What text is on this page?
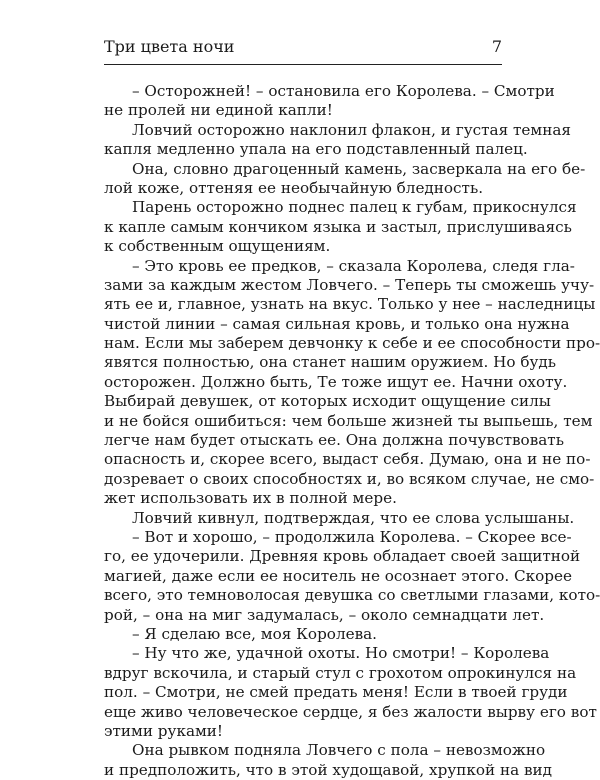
Три цвета ночи	7
– Осторожней! – остановила его Королева. – Смотри
не пролей ни единой капли!
Ловчий осторожно наклонил флакон, и густая темная
капля медленно упала на его подставленный палец.
Она, словно драгоценный камень, засверкала на его бе-
лой коже, оттеняя ее необычайную бледность.
Парень осторожно поднес палец к губам, прикоснулся
к капле самым кончиком языка и застыл, прислушиваясь
к собственным ощущениям.
– Это кровь ее предков, – сказала Королева, следя гла-
зами за каждым жестом Ловчего. – Теперь ты сможешь учу-
ять ее и, главное, узнать на вкус. Только у нее – наследницы
чистой линии – самая сильная кровь, и только она нужна
нам. Если мы заберем девчонку к себе и ее способности про-
явятся полностью, она станет нашим оружием. Но будь
осторожен. Должно быть, Те тоже ищут ее. Начни охоту.
Выбирай девушек, от которых исходит ощущение силы
и не бойся ошибиться: чем больше жизней ты выпьешь, тем
легче нам будет отыскать ее. Она должна почувствовать
опасность и, скорее всего, выдаст себя. Думаю, она и не по-
дозревает о своих способностях и, во всяком случае, не смо-
жет использовать их в полной мере.
Ловчий кивнул, подтверждая, что ее слова услышаны.
– Вот и хорошо, – продолжила Королева. – Скорее все-
го, ее удочерили. Древняя кровь обладает своей защитной
магией, даже если ее носитель не осознает этого. Скорее
всего, это темноволосая девушка со светлыми глазами, кото-
рой, – она на миг задумалась, – около семнадцати лет.
– Я сделаю все, моя Королева.
– Ну что же, удачной охоты. Но смотри! – Королева
вдруг вскочила, и старый стул с грохотом опрокинулся на
пол. – Смотри, не смей предать меня! Если в твоей груди
еще живо человеческое сердце, я без жалости вырву его вот
этими руками!
Она рывком подняла Ловчего с пола – невозможно
и предположить, что в этой худощавой, хрупкой на вид
